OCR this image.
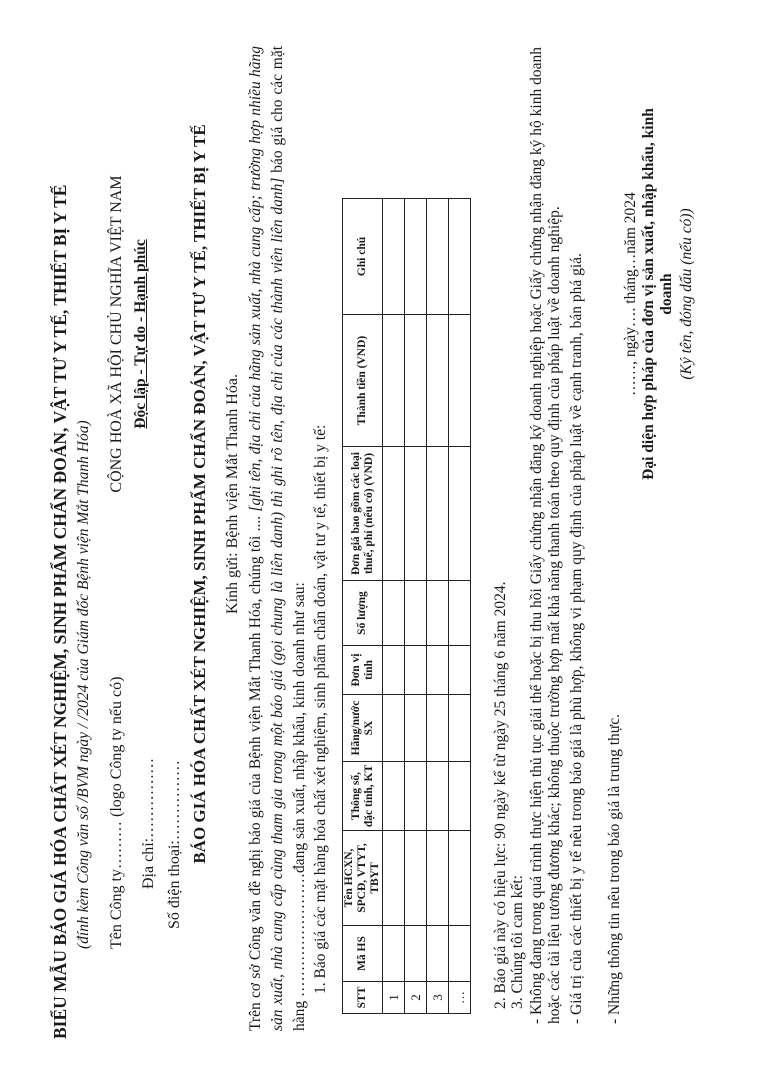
BIỂU MẪU BÁO GIÁ HÓA CHẤT XÉT NGHIỆM, SINH PHẨM CHẨN ĐOÁN, VẬT TƯ Y TẾ, THIẾT BỊ Y TẾ (đính kèm Công văn số /BVM ngày / /2024 của Giám đốc Bệnh viện Mắt Thanh Hóa) Tên Công ty……… (logo Công ty nếu có) Địa chỉ:…………… Số điện thoại:……………
CỘNG HOÀ XÃ HỘI CHỦ NGHĨA VIỆT NAM Độc lập - Tự do - Hạnh phúc BÁO GIÁ HÓA CHẤT XÉT NGHIỆM, SINH PHẨM CHẨN ĐOÁN, VẬT TƯ Y TẾ, THIẾT BỊ Y TẾ Kính gửi: Bệnh viện Mắt Thanh Hóa.
Trên cơ sở Công văn đề nghị báo giá của Bệnh viện Mắt Thanh Hóa, chúng tôi .... [ghi tên, địa chỉ của hãng sản xuất, nhà cung cấp; trường hợp nhiều hãng sản xuất, nhà cung cấp cùng tham gia trong một báo giá (gọi chung là liên danh) thì ghi rõ tên, địa chỉ của các thành viên liên danh] báo giá cho các mặt hàng ……………………đang sản xuất, nhập khẩu, kinh doanh như sau: 1. Báo giá các mặt hàng hóa chất xét nghiệm, sinh phẩm chẩn đoán, vật tư y tế, thiết bị y tế:
STT	Mã HS	Tên HCXN, SPCĐ, VTYT, TBYT	Thông số, đặc tính, KT	Hãng/nước SX	Đơn vị tính	Số lượng	Đơn giá bao gồm các loại thuế, phí (nếu có) (VND)	Thành tiền (VND)	Ghi chú
1									
2									
3									
…									2. Báo giá này có hiệu lực: 90 ngày kể từ ngày 25 tháng 6 năm 2024. 3. Chúng tôi cam kết: - Không đang trong quá trình thực hiện thủ tục giải thể hoặc bị thu hồi Giấy chứng nhận đăng ký doanh nghiệp hoặc Giấy chứng nhận đăng ký hộ kinh doanh hoặc các tài liệu tương đương khác; không thuộc trường hợp mất khả năng thanh toán theo quy định của pháp luật về doanh nghiệp. - Giá trị của các thiết bị y tế nêu trong báo giá là phù hợp, không vi phạm quy định của pháp luật về cạnh tranh, bán phá giá. - Những thông tin nêu trong báo giá là trung thực.
……, ngày…. tháng…năm 2024 Đại diện hợp pháp của đơn vị sản xuất, nhập khẩu, kinh doanh (Ký tên, đóng dấu (nếu có))
